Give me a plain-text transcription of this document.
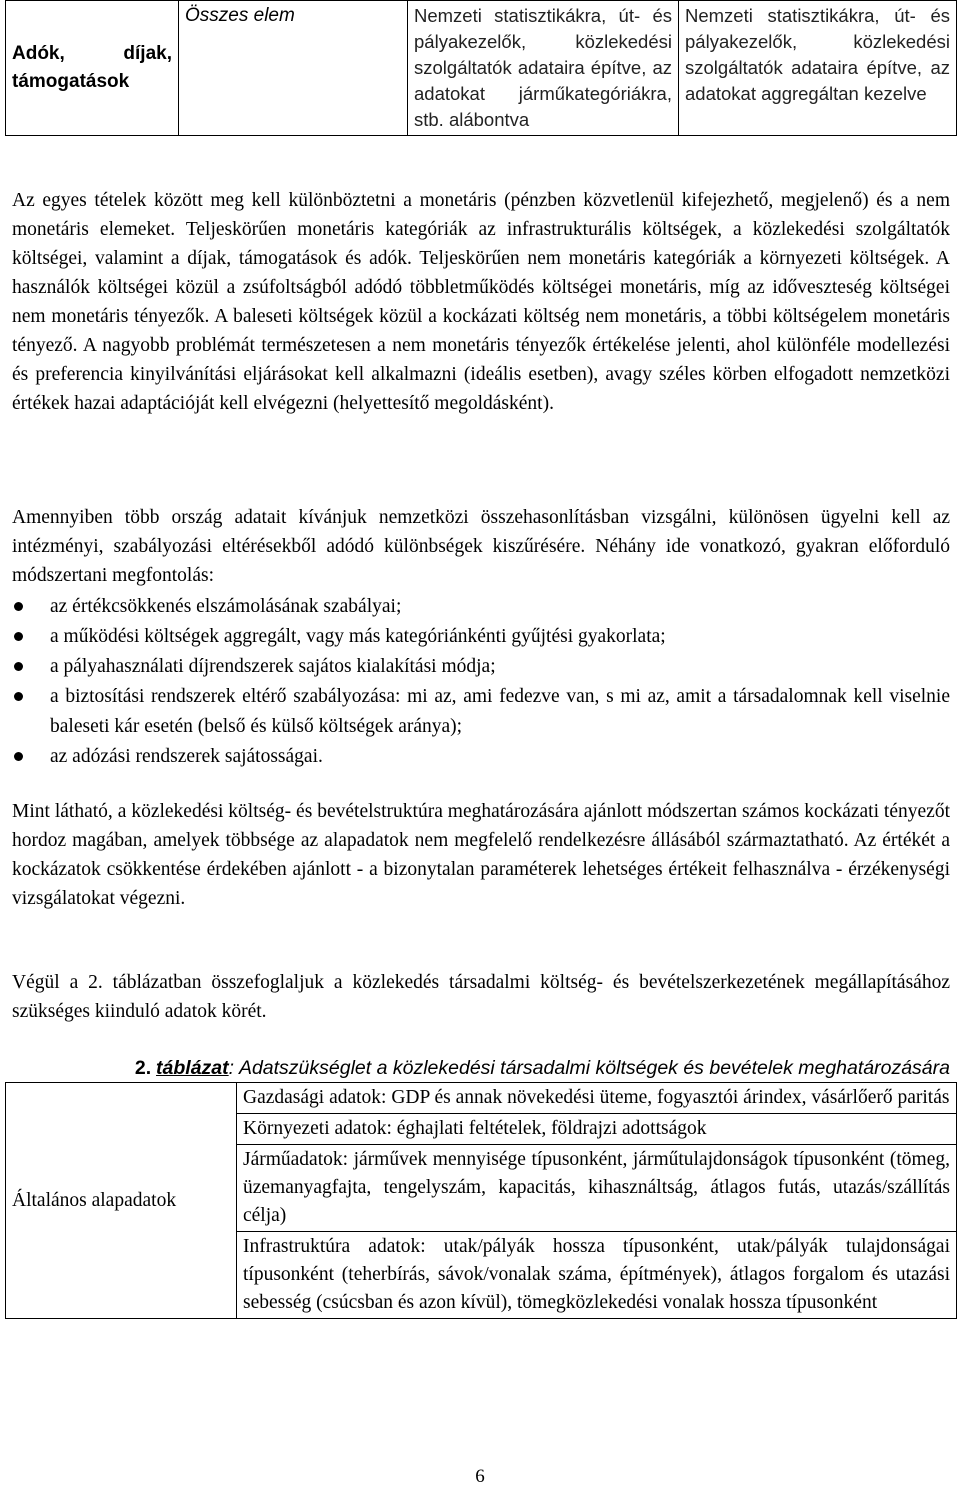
Adók, díjak, támogatások	Összes elem	Nemzeti statisztikákra, út- és pályakezelők, közlekedési szolgáltatók adataira építve, az adatokat járműkategóriákra, stb. alábontva	Nemzeti statisztikákra, út- és pályakezelők, közlekedési szolgáltatók adataira építve, az adatokat aggregáltan kezelve
Az egyes tételek között meg kell különböztetni a monetáris (pénzben közvetlenül kifejezhető, megjelenő) és a nem monetáris elemeket. Teljeskörűen monetáris kategóriák az infrastrukturális költségek, a közlekedési szolgáltatók költségei, valamint a díjak, támogatások és adók. Teljeskörűen nem monetáris kategóriák a környezeti költségek. A használók költségei közül a zsúfoltságból adódó többletműködés költségei monetáris, míg az időveszteség költségei nem monetáris tényezők. A baleseti költségek közül a kockázati költség nem monetáris, a többi költségelem monetáris tényező. A nagyobb problémát természetesen a nem monetáris tényezők értékelése jelenti, ahol különféle modellezési és preferencia kinyilvánítási eljárásokat kell alkalmazni (ideális esetben), avagy széles körben elfogadott nemzetközi értékek hazai adaptációját kell elvégezni (helyettesítő megoldásként).
Amennyiben több ország adatait kívánjuk nemzetközi összehasonlításban vizsgálni, különösen ügyelni kell az intézményi, szabályozási eltérésekből adódó különbségek kiszűrésére. Néhány ide vonatkozó, gyakran előforduló módszertani megfontolás:
az értékcsökkenés elszámolásának szabályai;
a működési költségek aggregált, vagy más kategóriánkénti gyűjtési gyakorlata;
a pályahasználati díjrendszerek sajátos kialakítási módja;
a biztosítási rendszerek eltérő szabályozása: mi az, ami fedezve van, s mi az, amit a társadalomnak kell viselnie baleseti kár esetén (belső és külső költségek aránya);
az adózási rendszerek sajátosságai.
Mint látható, a közlekedési költség- és bevételstruktúra meghatározására ajánlott módszertan számos kockázati tényezőt hordoz magában, amelyek többsége az alapadatok nem megfelelő rendelkezésre állásából származtatható. Az értékét a kockázatok csökkentése érdekében ajánlott - a bizonytalan paraméterek lehetséges értékeit felhasználva - érzékenységi vizsgálatokat végezni.
Végül a 2. táblázatban összefoglaljuk a közlekedés társadalmi költség- és bevételszerkezetének megállapításához szükséges kiinduló adatok körét.
2. táblázat: Adatszükséglet a közlekedési társadalmi költségek és bevételek meghatározására
Általános alapadatok	Gazdasági adatok: GDP és annak növekedési üteme, fogyasztói árindex, vásárlőerő paritás
Környezeti adatok: éghajlati feltételek, földrajzi adottságok
Járműadatok: járművek mennyisége típusonként, járműtulajdonságok típusonként (tömeg, üzemanyagfajta, tengelyszám, kapacitás, kihasználtság, átlagos futás, utazás/szállítás célja)
Infrastruktúra adatok: utak/pályák hossza típusonként, utak/pályák tulajdonságai típusonként (teherbírás, sávok/vonalak száma, építmények), átlagos forgalom és utazási sebesség (csúcsban és azon kívül), tömegközlekedési vonalak hossza típusonként
6
